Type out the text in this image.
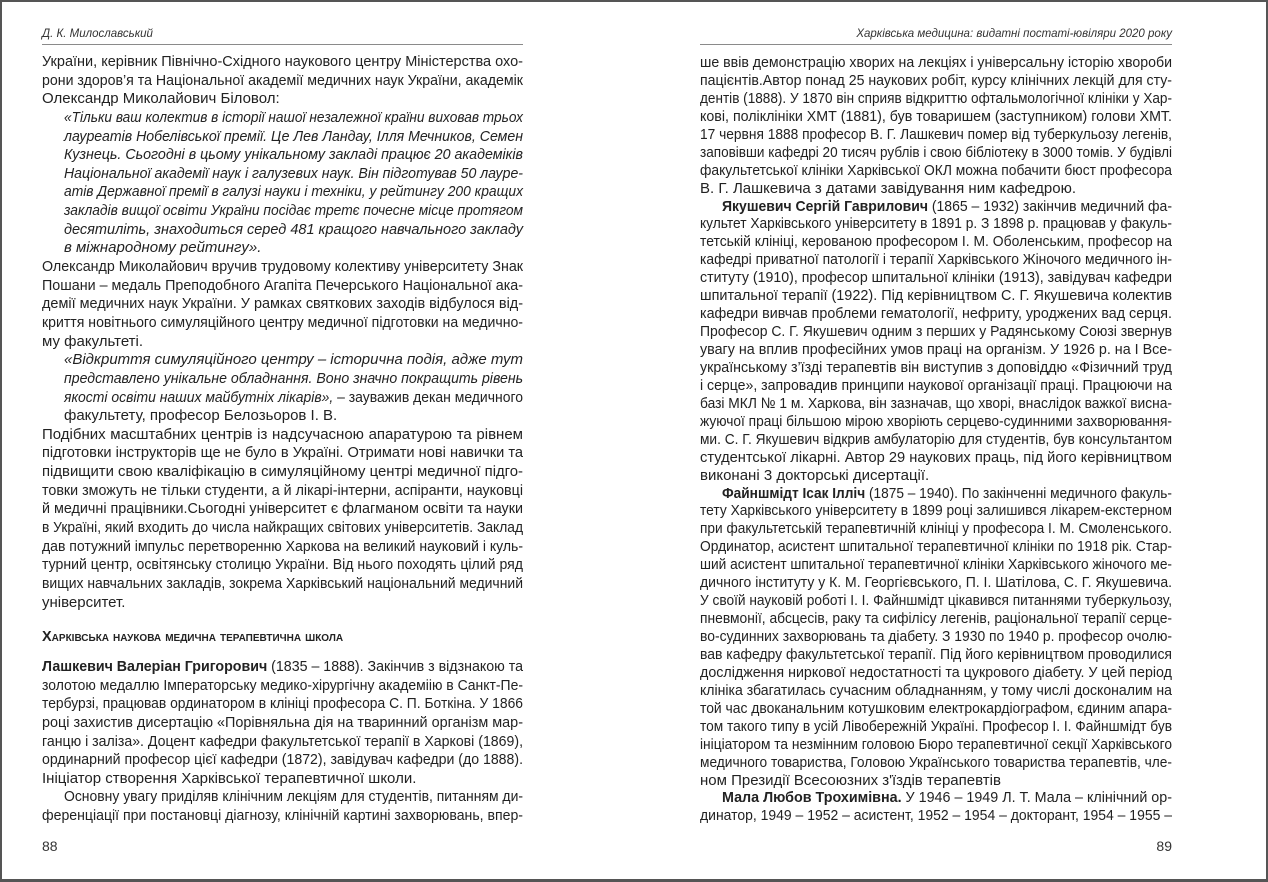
Д. К. Милославський
України, керівник Північно-Східного наукового центру Міністерства охо-
рони здоров’я та Національної академії медичних наук України, академік
Олександр Миколайович Біловол:
«Тільки ваш колектив в історії нашої незалежної країни виховав трьох
лауреатів Нобелівської премії. Це Лев Ландау, Ілля Мечников, Семен
Кузнець. Сьогодні в цьому унікальному закладі працює 20 академіків
Національної академії наук і галузевих наук. Він підготував 50 лауре-
атів Державної премії в галузі науки і техніки, у рейтингу 200 кращих
закладів вищої освіти України посідає третє почесне місце протягом
десятиліть, знаходиться серед 481 кращого навчального закладу
в міжнародному рейтингу».
Олександр Миколайович вручив трудовому колективу університету Знак
Пошани – медаль Преподобного Агапіта Печерського Національної ака-
демії медичних наук України. У рамках святкових заходів відбулося від-
криття новітнього симуляційного центру медичної підготовки на медично-
му факультеті.
«Відкриття симуляційного центру – історична подія, адже тут
представлено унікальне обладнання. Воно значно покращить рівень
якості освіти наших майбутніх лікарів», – зауважив декан медичного
факультету, професор Белозьоров І. В.
Подібних масштабних центрів із надсучасною апаратурою та рівнем
підготовки інструкторів ще не було в Україні. Отримати нові навички та
підвищити свою кваліфікацію в симуляційному центрі медичної підго-
товки зможуть не тільки студенти, а й лікарі-інтерни, аспіранти, науковці
й медичні працівники.Сьогодні університет є флагманом освіти та науки
в Україні, який входить до числа найкращих світових університетів. Заклад
дав потужний імпульс перетворенню Харкова на великий науковий і куль-
турний центр, освітянську столицю України. Від нього походять цілий ряд
вищих навчальних закладів, зокрема Харківський національний медичний
університет.
Харківська наукова медична терапевтична школа
Лашкевич Валеріан Григорович (1835 – 1888). Закінчив з відзнакою та
золотою медаллю Імператорську медико-хірургічну академіію в Санкт-Пе-
тербурзі, працював ординатором в клініці професора С. П. Боткіна. У 1866
році захистив дисертацію «Порівняльна дія на тваринний організм мар-
ганцю і заліза». Доцент кафедри факультетської терапії в Харкові (1869),
ординарний професор цієї кафедри (1872), завідувач кафедри (до 1888).
Ініціатор створення Харківської терапевтичної школи.
Основну увагу приділяв клінічним лекціям для студентів, питанням ди-
ференціації при постановці діагнозу, клінічній картині захворювань, впер-
88
Харківська медицина: видатні постаті-ювіляри 2020 року
ше ввів демонстрацію хворих на лекціях і універсальну історію хвороби
пацієнтів.Автор понад 25 наукових робіт, курсу клінічних лекцій для сту-
дентів (1888). У 1870 він сприяв відкриттю офтальмологічної клініки у Хар-
кові, поліклініки ХМТ (1881), був товаришем (заступником) голови ХМТ.
17 червня 1888 професор В. Г. Лашкевич помер від туберкульозу легенів,
заповівши кафедрі 20 тисяч рублів і свою бібліотеку в 3000 томів. У будівлі
факультетської клініки Харківської ОКЛ можна побачити бюст професора
В. Г. Лашкевича з датами завідування ним кафедрою.
Якушевич Сергій Гаврилович (1865 – 1932) закінчив медичний фа-
культет Харківського університету в 1891 р. З 1898 р. працював у факуль-
тетській клініці, керованою професором І. М. Оболенським, професор на
кафедрі приватної патології і терапії Харківського Жіночого медичного ін-
ституту (1910), професор шпитальної клініки (1913), завідувач кафедри
шпитальної терапії (1922). Під керівництвом С. Г. Якушевича колектив
кафедри вивчав проблеми гематології, нефриту, уроджених вад серця.
Професор С. Г. Якушевич одним з перших у Радянському Союзі звернув
увагу на вплив професійних умов праці на організм. У 1926 р. на І Все-
українському з’їзді терапевтів він виступив з доповіддю «Фізичний труд
і серце», запровадив принципи наукової організації праці. Працюючи на
базі МКЛ № 1 м. Харкова, він зазначав, що хворі, внаслідок важкої висна-
жуючої праці більшою мірою хворіють серцево-судинними захворювання-
ми. С. Г. Якушевич відкрив амбулаторію для студентів, був консультантом
студентської лікарні. Автор 29 наукових праць, під його керівництвом
виконані 3 докторські дисертації.
Файншмідт Ісак Ілліч (1875 – 1940). По закінченні медичного факуль-
тету Харківського університету в 1899 році залишився лікарем-екстерном
при факультетській терапевтичній клініці у професора І. М. Смоленського.
Ординатор, асистент шпитальної терапевтичної клініки по 1918 рік. Стар-
ший асистент шпитальної терапевтичної клініки Харківського жіночого ме-
дичного інституту у К. М. Георгієвського, П. І. Шатілова, С. Г. Якушевича.
У своїй науковій роботі І. І. Файншмідт цікавився питаннями туберкульозу,
пневмонії, абсцесів, раку та сифілісу легенів, раціональної терапії серце-
во-судинних захворювань та діабету. З 1930 по 1940 р. професор очолю-
вав кафедру факультетської терапії. Під його керівництвом проводилися
дослідження ниркової недостатності та цукрового діабету. У цей період
клініка збагатилась сучасним обладнанням, у тому числі досконалим на
той час двоканальним котушковим електрокардіографом, єдиним апара-
том такого типу в усій Лівобережній Україні. Професор І. І. Файншмідт був
ініціатором та незмінним головою Бюро терапевтичної секції Харківського
медичного товариства, Головою Українського товариства терапевтів, чле-
ном Президії Всесоюзних з'їздів терапевтів
Мала Любов Трохимівна. У 1946 – 1949 Л. Т. Мала – клінічний ор-
динатор, 1949 – 1952 – асистент, 1952 – 1954 – докторант, 1954 – 1955 –
89
